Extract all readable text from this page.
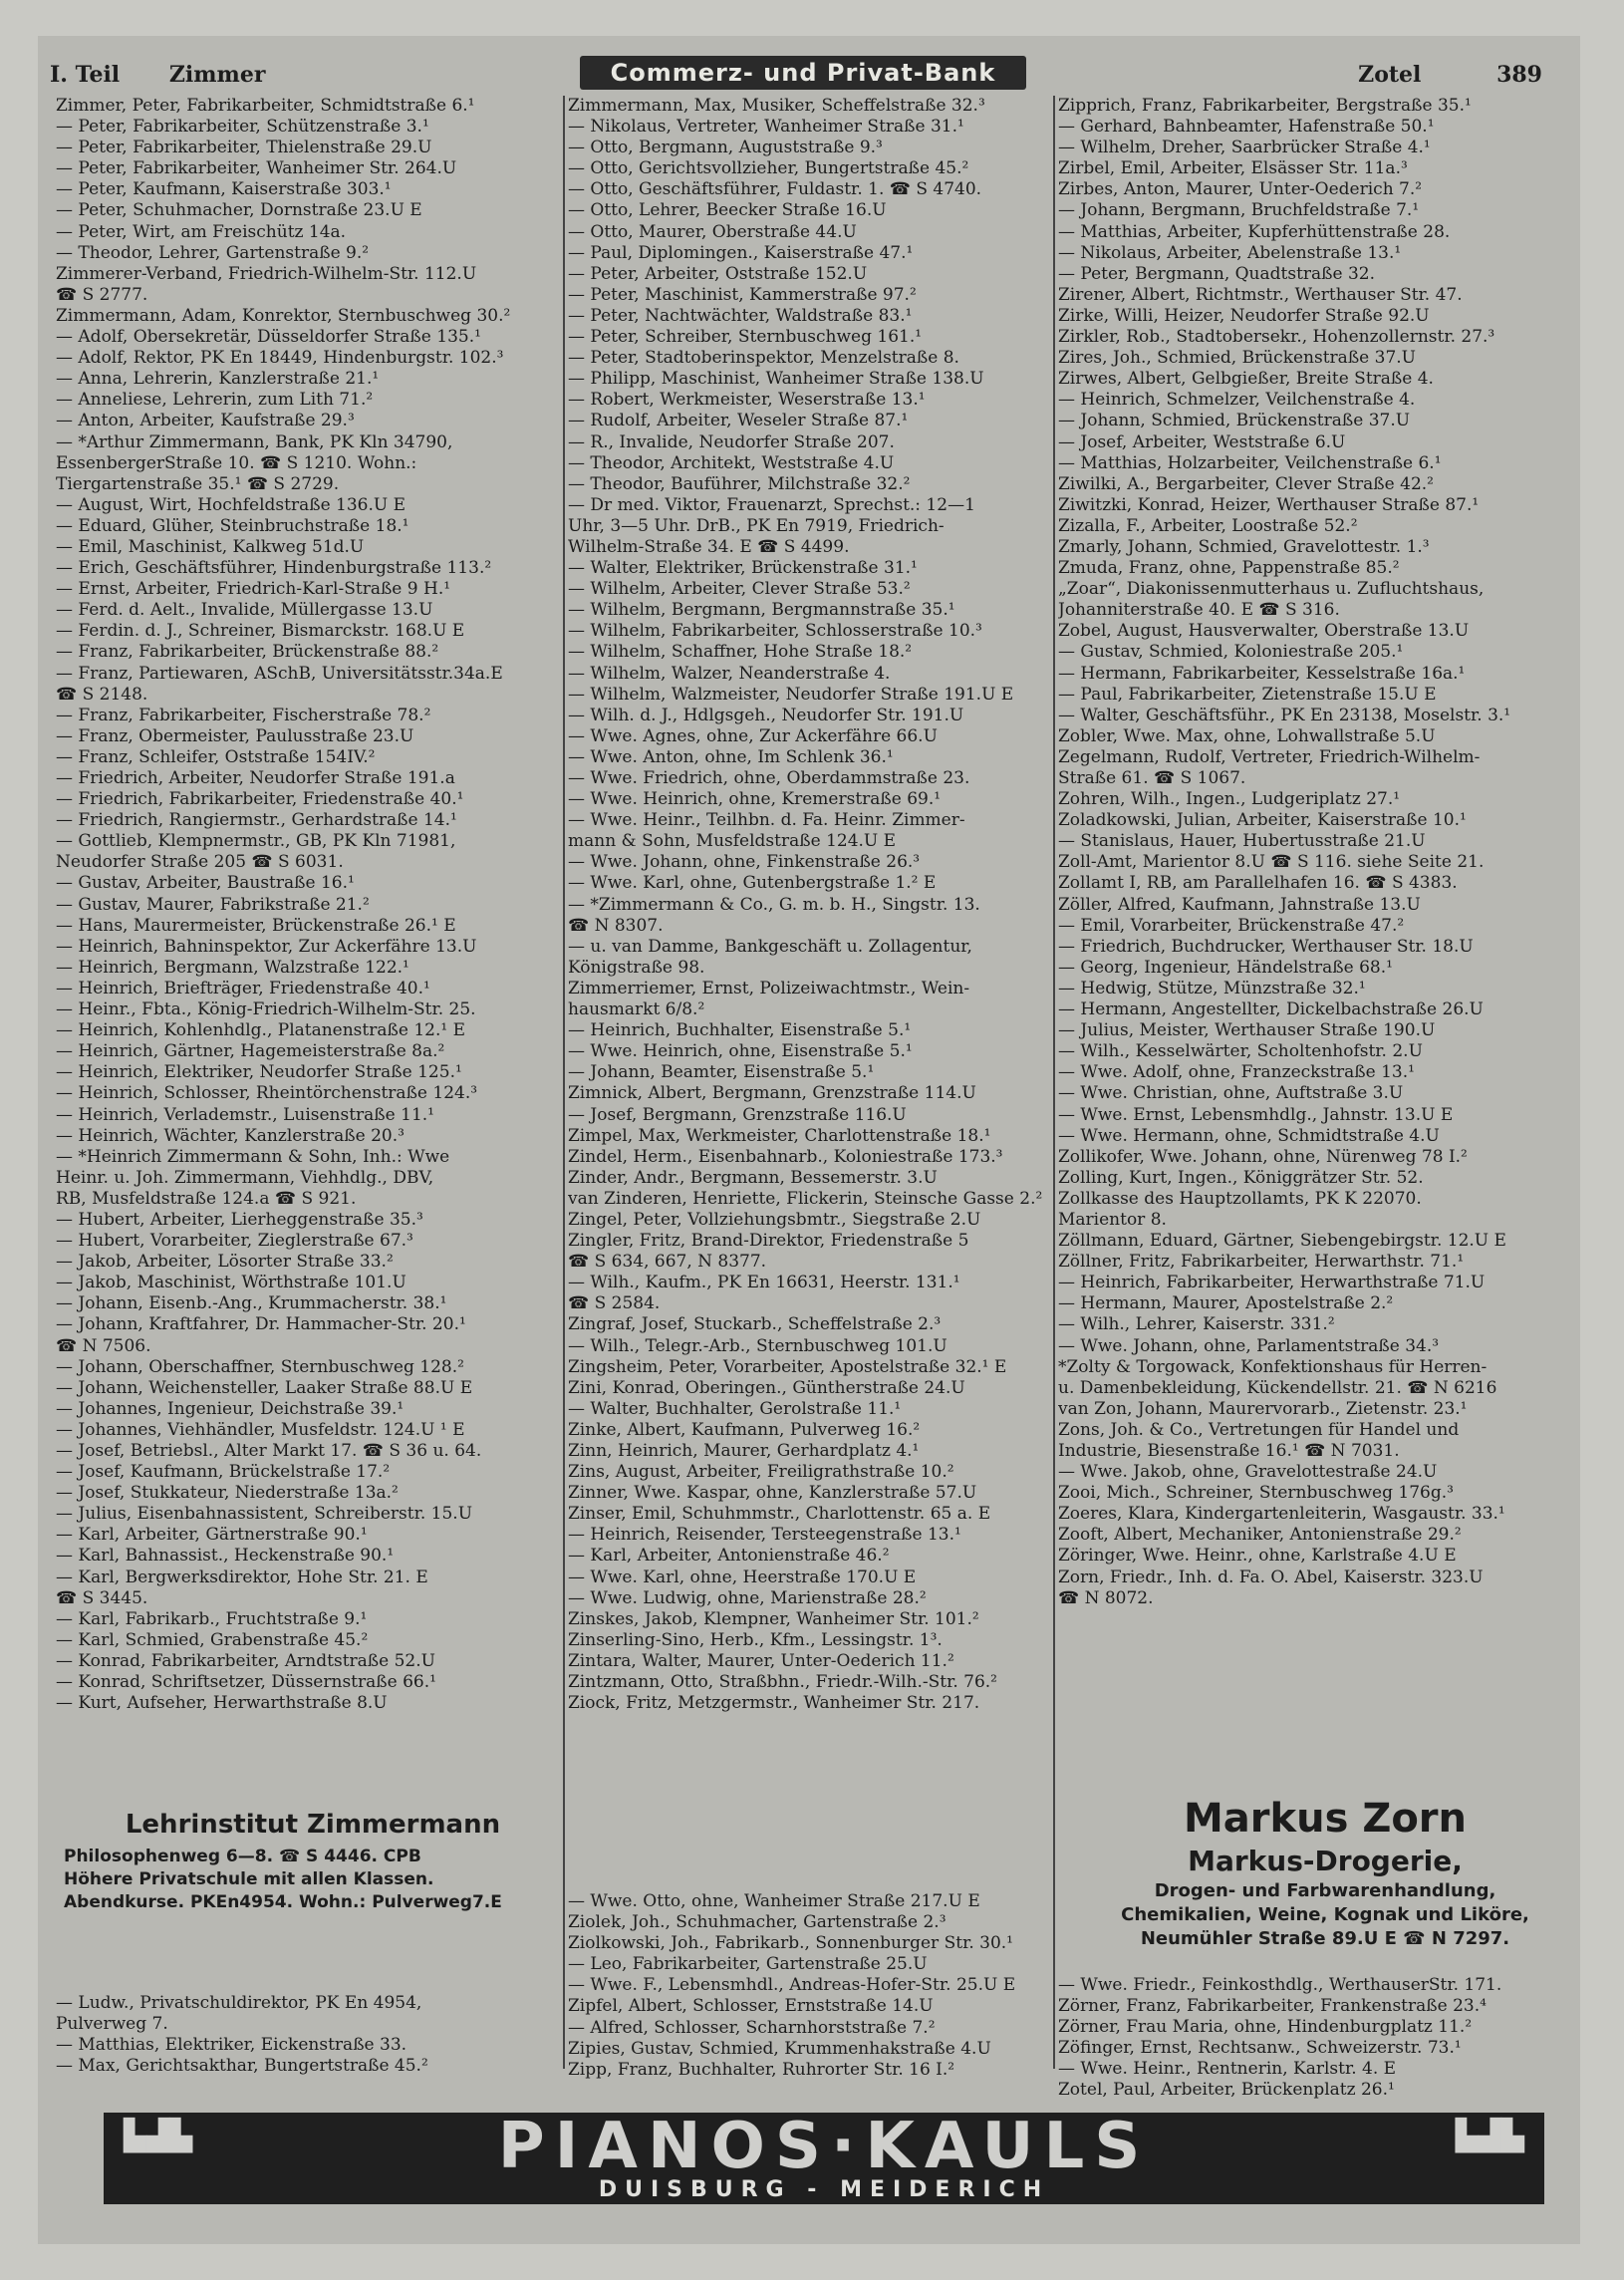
I. Teil Zimmer	Commerz- und Privat-Bank	Zotel	389
Zimmer, Peter, Fabrikarbeiter, Schmidtstraße 6.¹
— Peter, Fabrikarbeiter, Schützenstraße 3.¹
— Peter, Fabrikarbeiter, Thielenstraße 29.U
— Peter, Fabrikarbeiter, Wanheimer Str. 264.U
— Peter, Kaufmann, Kaiserstraße 303.¹
— Peter, Schuhmacher, Dornstraße 23.U E
— Peter, Wirt, am Freischütz 14a.
— Theodor, Lehrer, Gartenstraße 9.²
Zimmerer-Verband, Friedrich-Wilhelm-Str. 112.U
☎ S 2777.
Zimmermann, Adam, Konrektor, Sternbuschweg 30.²
— Adolf, Obersekretär, Düsseldorfer Straße 135.¹
— Adolf, Rektor, PK En 18449, Hindenburgstr. 102.³
— Anna, Lehrerin, Kanzlerstraße 21.¹
— Anneliese, Lehrerin, zum Lith 71.²
— Anton, Arbeiter, Kaufstraße 29.³
— *Arthur Zimmermann, Bank, PK Kln 34790,
EssenbergerStraße 10. ☎ S 1210. Wohn.:
Tiergartenstraße 35.¹ ☎ S 2729.
— August, Wirt, Hochfeldstraße 136.U E
— Eduard, Glüher, Steinbruchstraße 18.¹
— Emil, Maschinist, Kalkweg 51d.U
— Erich, Geschäftsführer, Hindenburgstraße 113.²
— Ernst, Arbeiter, Friedrich-Karl-Straße 9 H.¹
— Ferd. d. Aelt., Invalide, Müllergasse 13.U
— Ferdin. d. J., Schreiner, Bismarckstr. 168.U E
— Franz, Fabrikarbeiter, Brückenstraße 88.²
— Franz, Partiewaren, ASchB, Universitätsstr.34a.E
☎ S 2148.
— Franz, Fabrikarbeiter, Fischerstraße 78.²
— Franz, Obermeister, Paulusstraße 23.U
— Franz, Schleifer, Oststraße 154IV.²
— Friedrich, Arbeiter, Neudorfer Straße 191.a
— Friedrich, Fabrikarbeiter, Friedenstraße 40.¹
— Friedrich, Rangiermstr., Gerhardstraße 14.¹
— Gottlieb, Klempnermstr., GB, PK Kln 71981,
Neudorfer Straße 205 ☎ S 6031.
— Gustav, Arbeiter, Baustraße 16.¹
— Gustav, Maurer, Fabrikstraße 21.²
— Hans, Maurermeister, Brückenstraße 26.¹ E
— Heinrich, Bahninspektor, Zur Ackerfähre 13.U
— Heinrich, Bergmann, Walzstraße 122.¹
— Heinrich, Briefträger, Friedenstraße 40.¹
— Heinr., Fbta., König-Friedrich-Wilhelm-Str. 25.
— Heinrich, Kohlenhdlg., Platanenstraße 12.¹ E
— Heinrich, Gärtner, Hagemeisterstraße 8a.²
— Heinrich, Elektriker, Neudorfer Straße 125.¹
— Heinrich, Schlosser, Rheintörchenstraße 124.³
— Heinrich, Verlademstr., Luisenstraße 11.¹
— Heinrich, Wächter, Kanzlerstraße 20.³
— *Heinrich Zimmermann & Sohn, Inh.: Wwe
Heinr. u. Joh. Zimmermann, Viehhdlg., DBV,
RB, Musfeldstraße 124.a ☎ S 921.
— Hubert, Arbeiter, Lierheggenstraße 35.³
— Hubert, Vorarbeiter, Zieglerstraße 67.³
— Jakob, Arbeiter, Lösorter Straße 33.²
— Jakob, Maschinist, Wörthstraße 101.U
— Johann, Eisenb.-Ang., Krummacherstr. 38.¹
— Johann, Kraftfahrer, Dr. Hammacher-Str. 20.¹
☎ N 7506.
— Johann, Oberschaffner, Sternbuschweg 128.²
— Johann, Weichensteller, Laaker Straße 88.U E
— Johannes, Ingenieur, Deichstraße 39.¹
— Johannes, Viehhändler, Musfeldstr. 124.U ¹ E
— Josef, Betriebsl., Alter Markt 17. ☎ S 36 u. 64.
— Josef, Kaufmann, Brückelstraße 17.²
— Josef, Stukkateur, Niederstraße 13a.²
— Julius, Eisenbahnassistent, Schreiberstr. 15.U
— Karl, Arbeiter, Gärtnerstraße 90.¹
— Karl, Bahnassist., Heckenstraße 90.¹
— Karl, Bergwerksdirektor, Hohe Str. 21. E
☎ S 3445.
— Karl, Fabrikarb., Fruchtstraße 9.¹
— Karl, Schmied, Grabenstraße 45.²
— Konrad, Fabrikarbeiter, Arndtstraße 52.U
— Konrad, Schriftsetzer, Düssernstraße 66.¹
— Kurt, Aufseher, Herwarthstraße 8.U
Lehrinstitut Zimmermann
Philosophenweg 6—8. ☎ S 4446. CPB
Höhere Privatschule mit allen Klassen.
Abendkurse. PKEn4954. Wohn.: Pulverweg7.E
— Ludw., Privatschuldirektor, PK En 4954,
Pulverweg 7.
— Matthias, Elektriker, Eickenstraße 33.
— Max, Gerichtsakthar, Bungertstraße 45.²
Zimmermann, Max, Musiker, Scheffelstraße 32.³
— Nikolaus, Vertreter, Wanheimer Straße 31.¹
— Otto, Bergmann, Auguststraße 9.³
— Otto, Gerichtsvollzieher, Bungertstraße 45.²
— Otto, Geschäftsführer, Fuldastr. 1. ☎ S 4740.
— Otto, Lehrer, Beecker Straße 16.U
— Otto, Maurer, Oberstraße 44.U
— Paul, Diplomingen., Kaiserstraße 47.¹
— Peter, Arbeiter, Oststraße 152.U
— Peter, Maschinist, Kammerstraße 97.²
— Peter, Nachtwächter, Waldstraße 83.¹
— Peter, Schreiber, Sternbuschweg 161.¹
— Peter, Stadtoberinspektor, Menzelstraße 8.
— Philipp, Maschinist, Wanheimer Straße 138.U
— Robert, Werkmeister, Weserstraße 13.¹
— Rudolf, Arbeiter, Weseler Straße 87.¹
— R., Invalide, Neudorfer Straße 207.
— Theodor, Architekt, Weststraße 4.U
— Theodor, Bauführer, Milchstraße 32.²
— Dr med. Viktor, Frauenarzt, Sprechst.: 12—1
Uhr, 3—5 Uhr. DrB., PK En 7919, Friedrich-
Wilhelm-Straße 34. E ☎ S 4499.
— Walter, Elektriker, Brückenstraße 31.¹
— Wilhelm, Arbeiter, Clever Straße 53.²
— Wilhelm, Bergmann, Bergmannstraße 35.¹
— Wilhelm, Fabrikarbeiter, Schlosserstraße 10.³
— Wilhelm, Schaffner, Hohe Straße 18.²
— Wilhelm, Walzer, Neanderstraße 4.
— Wilhelm, Walzmeister, Neudorfer Straße 191.U E
— Wilh. d. J., Hdlgsgeh., Neudorfer Str. 191.U
— Wwe. Agnes, ohne, Zur Ackerfähre 66.U
— Wwe. Anton, ohne, Im Schlenk 36.¹
— Wwe. Friedrich, ohne, Oberdammstraße 23.
— Wwe. Heinrich, ohne, Kremerstraße 69.¹
— Wwe. Heinr., Teilhbn. d. Fa. Heinr. Zimmer-
mann & Sohn, Musfeldstraße 124.U E
— Wwe. Johann, ohne, Finkenstraße 26.³
— Wwe. Karl, ohne, Gutenbergstraße 1.² E
— *Zimmermann & Co., G. m. b. H., Singstr. 13.
☎ N 8307.
— u. van Damme, Bankgeschäft u. Zollagentur,
Königstraße 98.
Zimmerriemer, Ernst, Polizeiwachtmstr., Wein-
hausmarkt 6/8.²
— Heinrich, Buchhalter, Eisenstraße 5.¹
— Wwe. Heinrich, ohne, Eisenstraße 5.¹
— Johann, Beamter, Eisenstraße 5.¹
Zimnick, Albert, Bergmann, Grenzstraße 114.U
— Josef, Bergmann, Grenzstraße 116.U
Zimpel, Max, Werkmeister, Charlottenstraße 18.¹
Zindel, Herm., Eisenbahnarb., Koloniestraße 173.³
Zinder, Andr., Bergmann, Bessemerstr. 3.U
van Zinderen, Henriette, Flickerin, Steinsche Gasse 2.²
Zingel, Peter, Vollziehungsbmtr., Siegstraße 2.U
Zingler, Fritz, Brand-Direktor, Friedenstraße 5
☎ S 634, 667, N 8377.
— Wilh., Kaufm., PK En 16631, Heerstr. 131.¹
☎ S 2584.
Zingraf, Josef, Stuckarb., Scheffelstraße 2.³
— Wilh., Telegr.-Arb., Sternbuschweg 101.U
Zingsheim, Peter, Vorarbeiter, Apostelstraße 32.¹ E
Zini, Konrad, Oberingen., Güntherstraße 24.U
— Walter, Buchhalter, Gerolstraße 11.¹
Zinke, Albert, Kaufmann, Pulverweg 16.²
Zinn, Heinrich, Maurer, Gerhardplatz 4.¹
Zins, August, Arbeiter, Freiligrathstraße 10.²
Zinner, Wwe. Kaspar, ohne, Kanzlerstraße 57.U
Zinser, Emil, Schuhmmstr., Charlottenstr. 65 a. E
— Heinrich, Reisender, Tersteegenstraße 13.¹
— Karl, Arbeiter, Antonienstraße 46.²
— Wwe. Karl, ohne, Heerstraße 170.U E
— Wwe. Ludwig, ohne, Marienstraße 28.²
Zinskes, Jakob, Klempner, Wanheimer Str. 101.²
Zinserling-Sino, Herb., Kfm., Lessingstr. 1³.
Zintara, Walter, Maurer, Unter-Oederich 11.²
Zintzmann, Otto, Straßbhn., Friedr.-Wilh.-Str. 76.²
Ziock, Fritz, Metzgermstr., Wanheimer Str. 217.
— Wwe. Otto, ohne, Wanheimer Straße 217.U E
Ziolek, Joh., Schuhmacher, Gartenstraße 2.³
Ziolkowski, Joh., Fabrikarb., Sonnenburger Str. 30.¹
— Leo, Fabrikarbeiter, Gartenstraße 25.U
— Wwe. F., Lebensmhdl., Andreas-Hofer-Str. 25.U E
Zipfel, Albert, Schlosser, Ernststraße 14.U
— Alfred, Schlosser, Scharnhorststraße 7.²
Zipies, Gustav, Schmied, Krummenhakstraße 4.U
Zipp, Franz, Buchhalter, Ruhrorter Str. 16 I.²
Zipprich, Franz, Fabrikarbeiter, Bergstraße 35.¹
— Gerhard, Bahnbeamter, Hafenstraße 50.¹
— Wilhelm, Dreher, Saarbrücker Straße 4.¹
Zirbel, Emil, Arbeiter, Elsässer Str. 11a.³
Zirbes, Anton, Maurer, Unter-Oederich 7.²
— Johann, Bergmann, Bruchfeldstraße 7.¹
— Matthias, Arbeiter, Kupferhüttenstraße 28.
— Nikolaus, Arbeiter, Abelenstraße 13.¹
— Peter, Bergmann, Quadtstraße 32.
Zirener, Albert, Richtmstr., Werthauser Str. 47.
Zirke, Willi, Heizer, Neudorfer Straße 92.U
Zirkler, Rob., Stadtobersekr., Hohenzollernstr. 27.³
Zires, Joh., Schmied, Brückenstraße 37.U
Zirwes, Albert, Gelbgießer, Breite Straße 4.
— Heinrich, Schmelzer, Veilchenstraße 4.
— Johann, Schmied, Brückenstraße 37.U
— Josef, Arbeiter, Weststraße 6.U
— Matthias, Holzarbeiter, Veilchenstraße 6.¹
Ziwilki, A., Bergarbeiter, Clever Straße 42.²
Ziwitzki, Konrad, Heizer, Werthauser Straße 87.¹
Zizalla, F., Arbeiter, Loostraße 52.²
Zmarly, Johann, Schmied, Gravelottestr. 1.³
Zmuda, Franz, ohne, Pappenstraße 85.²
„Zoar“, Diakonissenmutterhaus u. Zufluchtshaus,
Johanniterstraße 40. E ☎ S 316.
Zobel, August, Hausverwalter, Oberstraße 13.U
— Gustav, Schmied, Koloniestraße 205.¹
— Hermann, Fabrikarbeiter, Kesselstraße 16a.¹
— Paul, Fabrikarbeiter, Zietenstraße 15.U E
— Walter, Geschäftsführ., PK En 23138, Moselstr. 3.¹
Zobler, Wwe. Max, ohne, Lohwallstraße 5.U
Zegelmann, Rudolf, Vertreter, Friedrich-Wilhelm-
Straße 61. ☎ S 1067.
Zohren, Wilh., Ingen., Ludgeriplatz 27.¹
Zoladkowski, Julian, Arbeiter, Kaiserstraße 10.¹
— Stanislaus, Hauer, Hubertusstraße 21.U
Zoll-Amt, Marientor 8.U ☎ S 116. siehe Seite 21.
Zollamt I, RB, am Parallelhafen 16. ☎ S 4383.
Zöller, Alfred, Kaufmann, Jahnstraße 13.U
— Emil, Vorarbeiter, Brückenstraße 47.²
— Friedrich, Buchdrucker, Werthauser Str. 18.U
— Georg, Ingenieur, Händelstraße 68.¹
— Hedwig, Stütze, Münzstraße 32.¹
— Hermann, Angestellter, Dickelbachstraße 26.U
— Julius, Meister, Werthauser Straße 190.U
— Wilh., Kesselwärter, Scholtenhofstr. 2.U
— Wwe. Adolf, ohne, Franzeckstraße 13.¹
— Wwe. Christian, ohne, Auftstraße 3.U
— Wwe. Ernst, Lebensmhdlg., Jahnstr. 13.U E
— Wwe. Hermann, ohne, Schmidtstraße 4.U
Zollikofer, Wwe. Johann, ohne, Nürenweg 78 I.²
Zolling, Kurt, Ingen., Königgrätzer Str. 52.
Zollkasse des Hauptzollamts, PK K 22070.
Marientor 8.
Zöllmann, Eduard, Gärtner, Siebengebirgstr. 12.U E
Zöllner, Fritz, Fabrikarbeiter, Herwarthstr. 71.¹
— Heinrich, Fabrikarbeiter, Herwarthstraße 71.U
— Hermann, Maurer, Apostelstraße 2.²
— Wilh., Lehrer, Kaiserstr. 331.²
— Wwe. Johann, ohne, Parlamentstraße 34.³
*Zolty & Torgowack, Konfektionshaus für Herren-
u. Damenbekleidung, Kückendellstr. 21. ☎ N 6216
van Zon, Johann, Maurervorarb., Zietenstr. 23.¹
Zons, Joh. & Co., Vertretungen für Handel und
Industrie, Biesenstraße 16.¹ ☎ N 7031.
— Wwe. Jakob, ohne, Gravelottestraße 24.U
Zooi, Mich., Schreiner, Sternbuschweg 176g.³
Zoeres, Klara, Kindergartenleiterin, Wasgaustr. 33.¹
Zooft, Albert, Mechaniker, Antonienstraße 29.²
Zöringer, Wwe. Heinr., ohne, Karlstraße 4.U E
Zorn, Friedr., Inh. d. Fa. O. Abel, Kaiserstr. 323.U
☎ N 8072.
Markus Zorn
Markus-Drogerie,
Drogen- und Farbwarenhandlung,
Chemikalien, Weine, Kognak und Liköre,
Neumühler Straße 89.U E ☎ N 7297.
— Wwe. Friedr., Feinkosthdlg., WerthauserStr. 171.
Zörner, Franz, Fabrikarbeiter, Frankenstraße 23.⁴
Zörner, Frau Maria, ohne, Hindenburgplatz 11.²
Zöfinger, Ernst, Rechtsanw., Schweizerstr. 73.¹
— Wwe. Heinr., Rentnerin, Karlstr. 4. E
Zotel, Paul, Arbeiter, Brückenplatz 26.¹
▙▟▙	PIANOS·KAULS
DUISBURG - MEIDERICH
▙▟▙
